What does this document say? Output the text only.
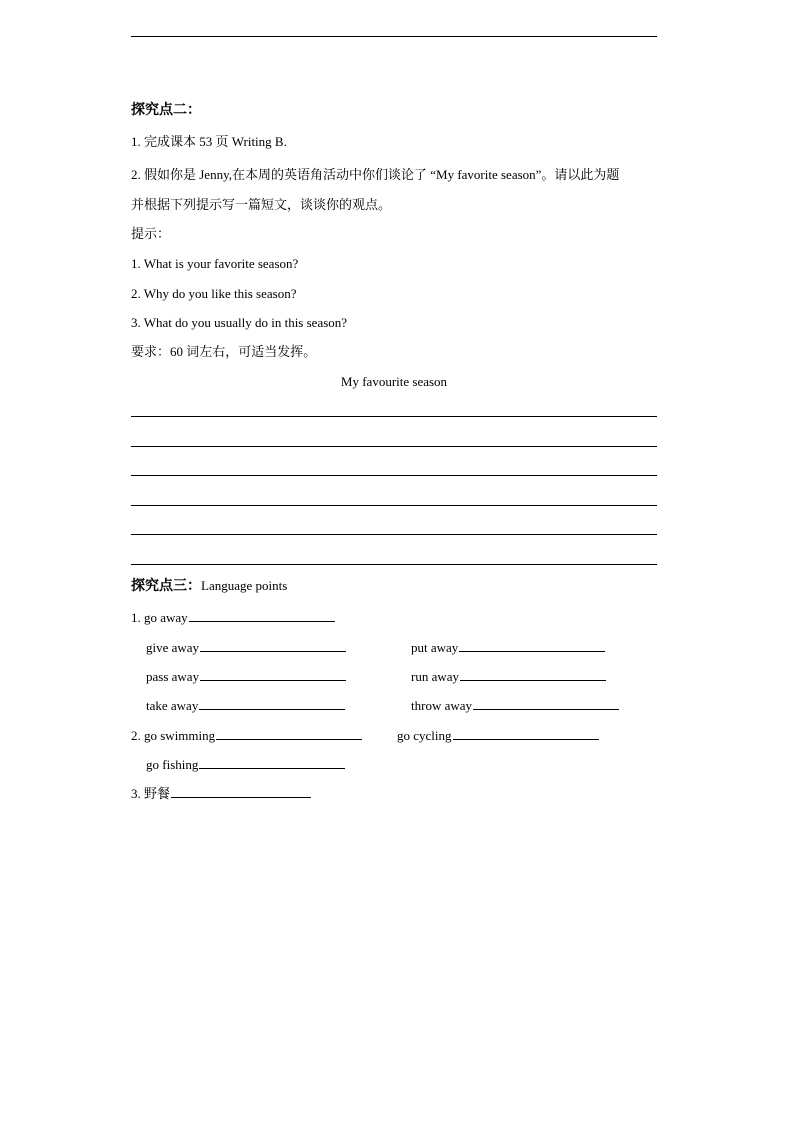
探究点二：
1. 完成课本 53 页 Writing B.
2. 假如你是 Jenny,在本周的英语角活动中你们谈论了 “My favorite season”。请以此为题
并根据下列提示写一篇短文，谈谈你的观点。
提示：
1. What is your favorite season?
2. Why do you like this season?
3. What do you usually do in this season?
要求：60 词左右，可适当发挥。
My favourite season
探究点三：Language points
1. go away
give away	put away
pass away	run away
take away	throw away
2. go swimming	go cycling
go fishing
3. 野餐
